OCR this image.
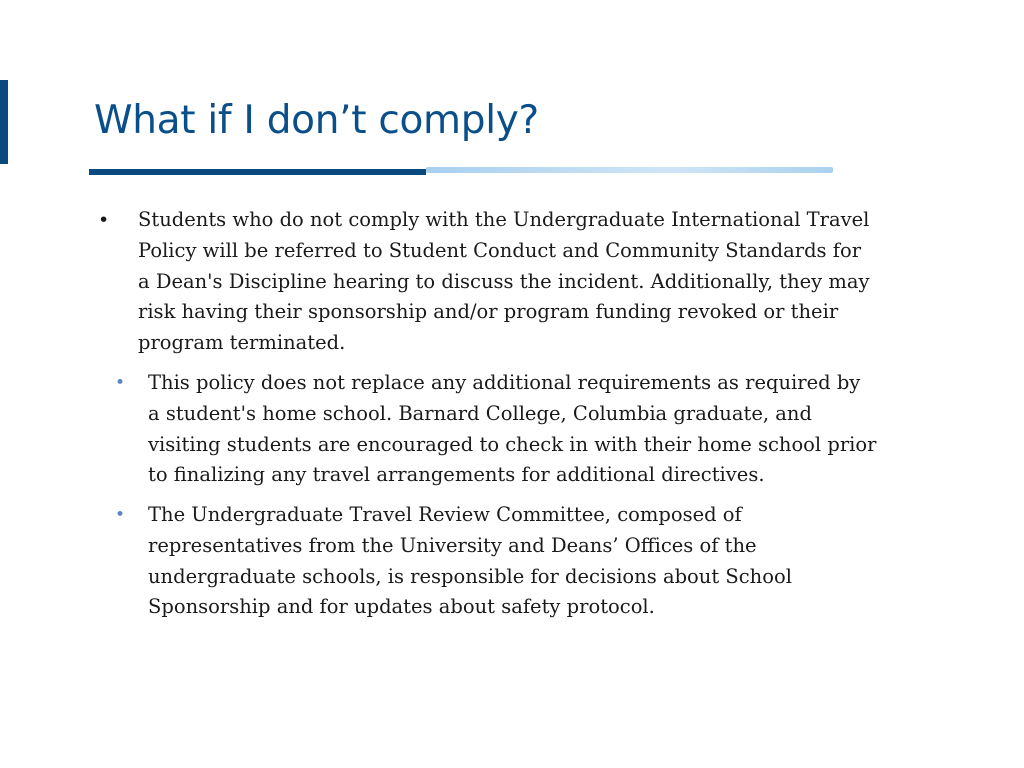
What if I don’t comply?
• Students who do not comply with the Undergraduate International Travel Policy will be referred to Student Conduct and Community Standards for a Dean's Discipline hearing to discuss the incident. Additionally, they may risk having their sponsorship and/or program funding revoked or their program terminated.
• This policy does not replace any additional requirements as required by a student's home school. Barnard College, Columbia graduate, and visiting students are encouraged to check in with their home school prior to finalizing any travel arrangements for additional directives.
• The Undergraduate Travel Review Committee, composed of representatives from the University and Deans’ Offices of the undergraduate schools, is responsible for decisions about School Sponsorship and for updates about safety protocol.
